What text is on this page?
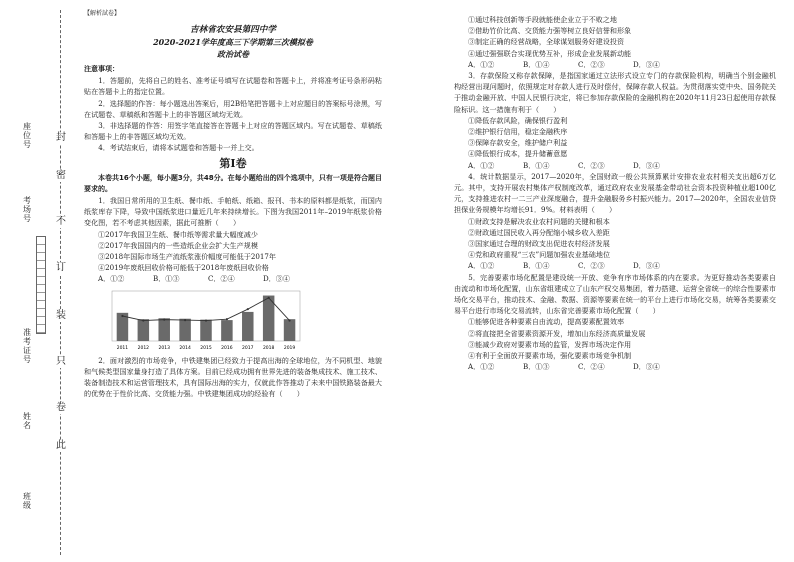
封
密
不
订
装
只
卷
此
座位号
考场号
准考证号
姓名
班级
【解析試卷】
吉林省农安县第四中学
2020-2021学年度高三下学期第三次模拟卷
政治试卷
注意事项：
1．答题前，先将自己的姓名、准考证号填写在试题卷和答题卡上，并将准考证号条形码粘贴在答题卡上的指定位置。
2．选择题的作答：每小题选出答案后，用2B铅笔把答题卡上对应题目的答案标号涂黑，写在试题卷、草稿纸和答题卡上的非答题区域均无效。
3．非选择题的作答：用签字笔直接答在答题卡上对应的答题区域内。写在试题卷、草稿纸和答题卡上的非答题区域均无效。
4．考试结束后，请将本试题卷和答题卡一并上交。
第Ⅰ卷
本卷共16个小题，每小题3分，共48分。在每小题给出的四个选项中，只有一项是符合题目要求的。
1．我国日常所用的卫生纸、餐巾纸、手帕纸、纸箱、报刊、书本的原料都是纸浆，而国内纸浆库存下降，导致中国纸浆进口量近几年来持续增长。下图为我国2011年–2019年纸浆价格变化图，若不考虑其他因素，据此可推断（　　）
①2017年我国卫生纸、餐巾纸等需求量大幅度减少
②2017年我国国内的一些造纸企业会扩大生产规模
③2018年国际市场生产流纸浆涨价幅度可能低于2017年
④2019年废纸回收价格可能低于2018年废纸回收价格
A．①②	B．①③	C．②④	D．③④
2011 2012 2013 2014 2015 2016 2017 2018 2019
2．面对激烈的市场竞争，中铁建集团已经致力于提高出海的全球地位，为不同机型、地貌和气候类型国家量身打造了具体方案。目前已经成功拥有世界先进的装备集成技术、施工技术、装备制造技术和运营管理技术，具有国际出海的实力，仅就此作答推动了未来中国铁路装备最大的优势在于性价比高、交货能力强。中铁建集团成功的经验有（　　）
①通过科技创新等手段就能使企业立于不败之地
②借助竹价比高、交货能力强等树立良好信誉和形象
③制定正确的经营战略，全球谋划服务好建设投资
④通过强强联合实现优势互补，形成企业发展新动能
A．①②	B．①④	C．②③	D．③④
3．存款保险又称存款保障，是指国家通过立法形式设立专门的存款保险机构，明确当个别金融机构经营出现问题时，依照规定对存款人进行及时偿付，保障存款人权益。为贯彻落实党中央、国务院关于推动金融开放、中国人民银行决定，将已参加存款保险的金融机构在2020年11月23日起使用存款保险标识。这一措施有利于（　　）
①降低存款风险，确保银行盈利
②维护银行信用，稳定金融秩序
③保障存款安全，维护储户利益
④降低银行成本，提升储蓄意愿
A．①②	B．①④	C．②③	D．③④
4．统计数据显示，2017—2020年，全国财政一般公共预算累计安排农业农村相关支出超6万亿元。其中，支持开展农村集体产权制度改革，通过政府农业发展基金带动社会资本投资种植业超100亿元，支持推进农村一二三产业深度融合，提升金融服务乡村振兴能力。2017—2020年，全国农业信贷担保业务规模年均增长91．9%。材料表明（　　）
①财政支持是解决农业农村问题的关键和根本
②财政通过国民收入再分配缩小城乡收入差距
③国家通过合理的财政支出促进农村经济发展
④党和政府重视“三农”问题加强农业基础地位
A．①②	B．①④	C．②③	D．③④
5．完善要素市场化配置是建设统一开放、竞争有序市场体系的内在要求。为更好推动各类要素自由流动和市场化配置，山东省组建成立了山东产权交易集团，着力搭建、运营全省统一的综合性要素市场化交易平台，推动技术、金融、数据、资源等要素在统一的平台上进行市场化交易，统筹各类要素交易平台进行市场化交易流转，山东省完善要素市场化配置（　　）
①能够促进各种要素自由流动，提高要素配置效率
②将直接把全省要素资源开发，增加山东经济高质量发展
③能减少政府对要素市场的监管，发挥市场决定作用
④有利于全面放开要素市场，强化要素市场竞争机制
A．①②	B．①③	C．②④	D．③④
